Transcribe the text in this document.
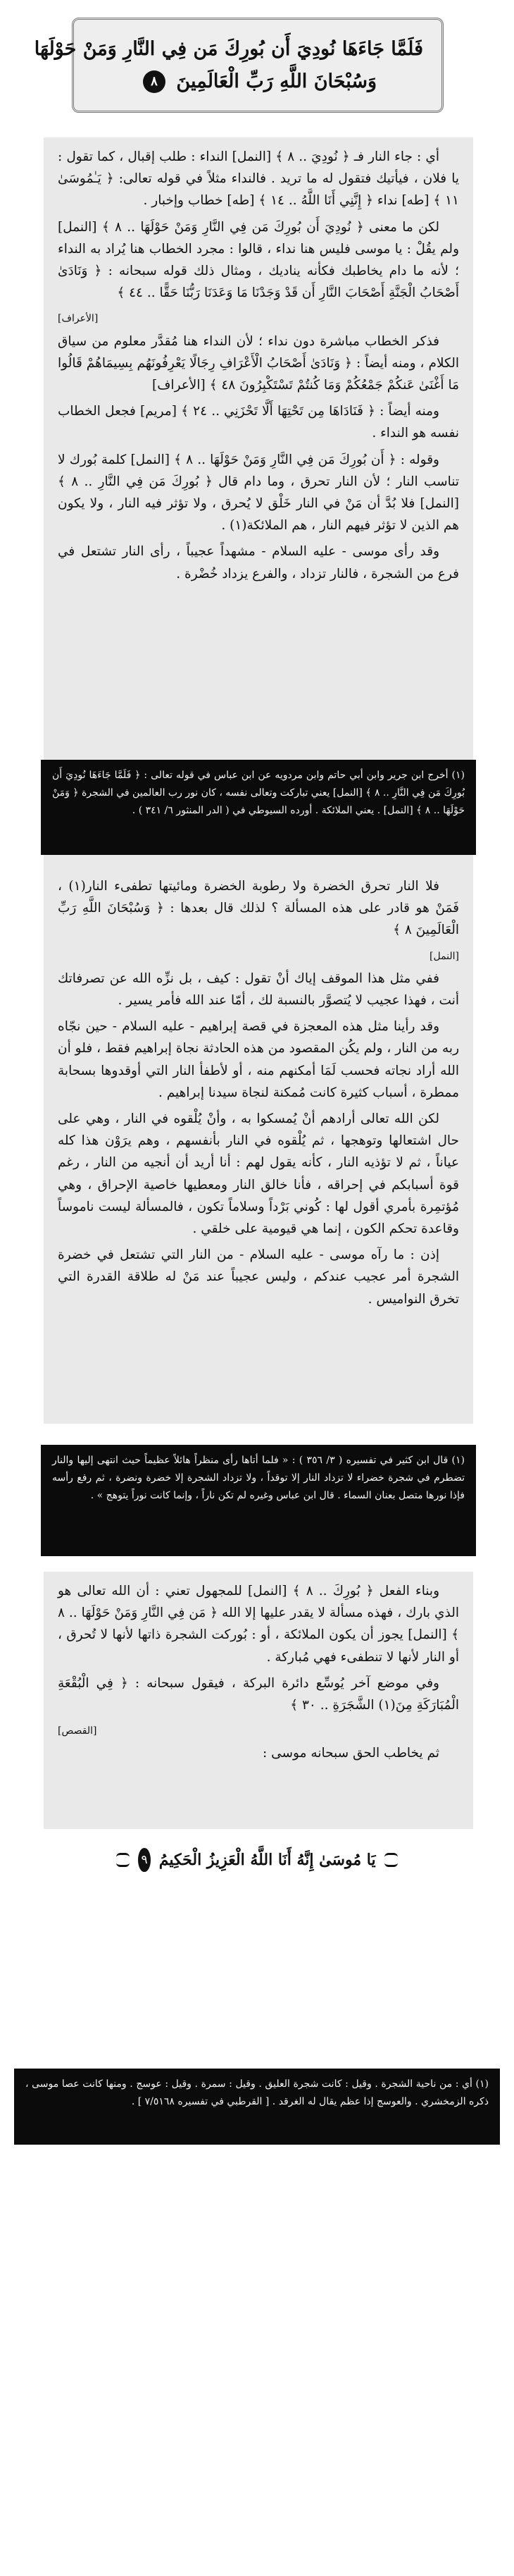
فَلَمَّا جَاءَهَا نُودِيَ أَن بُورِكَ مَن فِي النَّارِ وَمَنْ حَوْلَهَا
وَسُبْحَانَ اللَّهِ رَبِّ الْعَالَمِينَ ٨

أي : جاء النار فـ ﴿ نُودِيَ .. ٨ ﴾ [النمل] النداء : طلب إقبال ، كما تقول : يا فلان ، فيأتيك فتقول له ما تريد . فالنداء مثلاً في قوله تعالى: ﴿ يَـٰمُوسَىٰ ١١ ﴾ [طه] نداء ﴿ إِنَّنِي أَنَا اللَّهُ .. ١٤ ﴾ [طه] خطاب وإخبار .

لكن ما معنى ﴿ نُودِيَ أَن بُورِكَ مَن فِي النَّارِ وَمَنْ حَوْلَهَا .. ٨ ﴾ [النمل] ولم يقُلْ : يا موسى فليس هنا نداء ، قالوا : مجرد الخطاب هنا يُراد به النداء ؛ لأنه ما دام يخاطبك فكأنه يناديك ، ومثال ذلك قوله سبحانه : ﴿ وَنَادَىٰ أَصْحَابُ الْجَنَّةِ أَصْحَابَ النَّارِ أَن قَدْ وَجَدْنَا مَا وَعَدَنَا رَبُّنَا حَقًّا .. ٤٤ ﴾

[الأعراف]

فذكر الخطاب مباشرة دون نداء ؛ لأن النداء هنا مُقدَّر معلوم من سياق الكلام ، ومنه أيضاً : ﴿ وَنَادَىٰ أَصْحَابُ الْأَعْرَافِ رِجَالًا يَعْرِفُونَهُم بِسِيمَاهُمْ قَالُوا مَا أَغْنَىٰ عَنكُمْ جَمْعُكُمْ وَمَا كُنتُمْ تَسْتَكْبِرُونَ ٤٨ ﴾ [الأعراف]

ومنه أيضاً : ﴿ فَنَادَاهَا مِن تَحْتِهَا أَلَّا تَحْزَنِي .. ٢٤ ﴾ [مريم] فجعل الخطاب نفسه هو النداء .

وقوله : ﴿ أَن بُورِكَ مَن فِي النَّارِ وَمَنْ حَوْلَهَا .. ٨ ﴾ [النمل] كلمة بُورك لا تناسب النار ؛ لأن النار تحرق ، وما دام قال ﴿ بُورِكَ مَن فِي النَّارِ .. ٨ ﴾ [النمل] فلا بُدَّ أن مَنْ في النار خَلْق لا يُحرق ، ولا تؤثر فيه النار ، ولا يكون هم الذين لا تؤثر فيهم النار ، هم الملائكة(١) .

وقد رأى موسى - عليه السلام - مشهداً عجيباً ، رأى النار تشتعل في فرع من الشجرة ، فالنار تزداد ، والفرع يزداد خُضْرة .

(١) أخرج ابن جرير وابن أبي حاتم وابن مردويه عن ابن عباس في قوله تعالى : ﴿ فَلَمَّا جَاءَهَا نُودِيَ أَن بُورِكَ مَن فِي النَّارِ .. ٨ ﴾ [النمل] يعني تباركت وتعالى نفسه ، كان نور رب العالمين في الشجرة ﴿ وَمَنْ حَوْلَهَا .. ٨ ﴾ [النمل] . يعني الملائكة . أورده السيوطي في ( الدر المنثور ٦/ ٣٤١ ) .

فلا النار تحرق الخضرة ولا رطوبة الخضرة ومائيتها تطفىء النار(١) ، فَمَنْ هو قادر على هذه المسألة ؟ لذلك قال بعدها : ﴿ وَسُبْحَانَ اللَّهِ رَبِّ الْعَالَمِينَ ٨ ﴾

[النمل]

ففي مثل هذا الموقف إياك أنْ تقول : كيف ، بل نزِّه الله عن تصرفاتك أنت ، فهذا عجيب لا يُتصوَّر بالنسبة لك ، أمّا عند الله فأمر يسير .

وقد رأينا مثل هذه المعجزة في قصة إبراهيم - عليه السلام - حين نجّاه ربه من النار ، ولم يكُن المقصود من هذه الحادثة نجاة إبراهيم فقط ، فلو أن الله أراد نجاته فحسب لَمَا أمكنهم منه ، أو لأطفأ النار التي أوقدوها بسحابة ممطرة ، أسباب كثيرة كانت مُمكنة لنجاة سيدنا إبراهيم .

لكن الله تعالى أرادهم أنْ يُمسكوا به ، وأنْ يُلْقوه في النار ، وهي على حال اشتعالها وتوهجها ، ثم يُلْقوه في النار بأنفسهم ، وهم يرَوْن هذا كله عياناً ، ثم لا تؤذيه النار ، كأنه يقول لهم : أنا أريد أن أنجيه من النار ، رغم قوة أسبابكم في إحراقه ، فأنا خالق النار ومعطيها خاصية الإحراق ، وهي مُؤتمِرة بأمري أقول لها : كُوني بَرْداً وسلاماً تكون ، فالمسألة ليست ناموساً وقاعدة تحكم الكون ، إنما هي قيومية على خلقي .

إذن : ما رآه موسى - عليه السلام - من النار التي تشتعل في خضرة الشجرة أمر عجيب عندكم ، وليس عجيباً عند مَنْ له طلاقة القدرة التي تخرق النواميس .

(١) قال ابن كثير في تفسيره ( ٣/ ٣٥٦ ) : « فلما أتاها رأى منظراً هائلاً عظيماً حيث انتهى إليها والنار تضطرم في شجرة خضراء لا تزداد النار إلا توقداً ، ولا تزداد الشجرة إلا خضرة ونضرة ، ثم رفع رأسه فإذا نورها متصل بعنان السماء . قال ابن عباس وغيره لم تكن ناراً ، وإنما كانت نوراً يتوهج » .

وبناء الفعل ﴿ بُورِكَ .. ٨ ﴾ [النمل] للمجهول تعني : أن الله تعالى هو الذي بارك ، فهذه مسألة لا يقدر عليها إلا الله ﴿ مَن فِي النَّارِ وَمَنْ حَوْلَهَا .. ٨ ﴾ [النمل] يجوز أن يكون الملائكة ، أو : بُوركت الشجرة ذاتها لأنها لا تُحرق ، أو النار لأنها لا تنطفىء فهي مُباركة .

وفي موضع آخر يُوسِّع دائرة البركة ، فيقول سبحانه : ﴿ فِي الْبُقْعَةِ الْمُبَارَكَةِ مِنَ(١) الشَّجَرَةِ .. ٣٠ ﴾

[القصص]

ثم يخاطب الحق سبحانه موسى :

يَا مُوسَىٰ إِنَّهُ أَنَا اللَّهُ الْعَزِيزُ الْحَكِيمُ
٩

(١) أي : من ناحية الشجرة . وقيل : كانت شجرة العليق . وقيل : سمرة . وقيل : عوسج . ومنها كانت عصا موسى ، ذكره الزمخشري . والعوسج إذا عظم يقال له الغرقد . [ القرطبي في تفسيره ٧/٥١٦٨ ] .
